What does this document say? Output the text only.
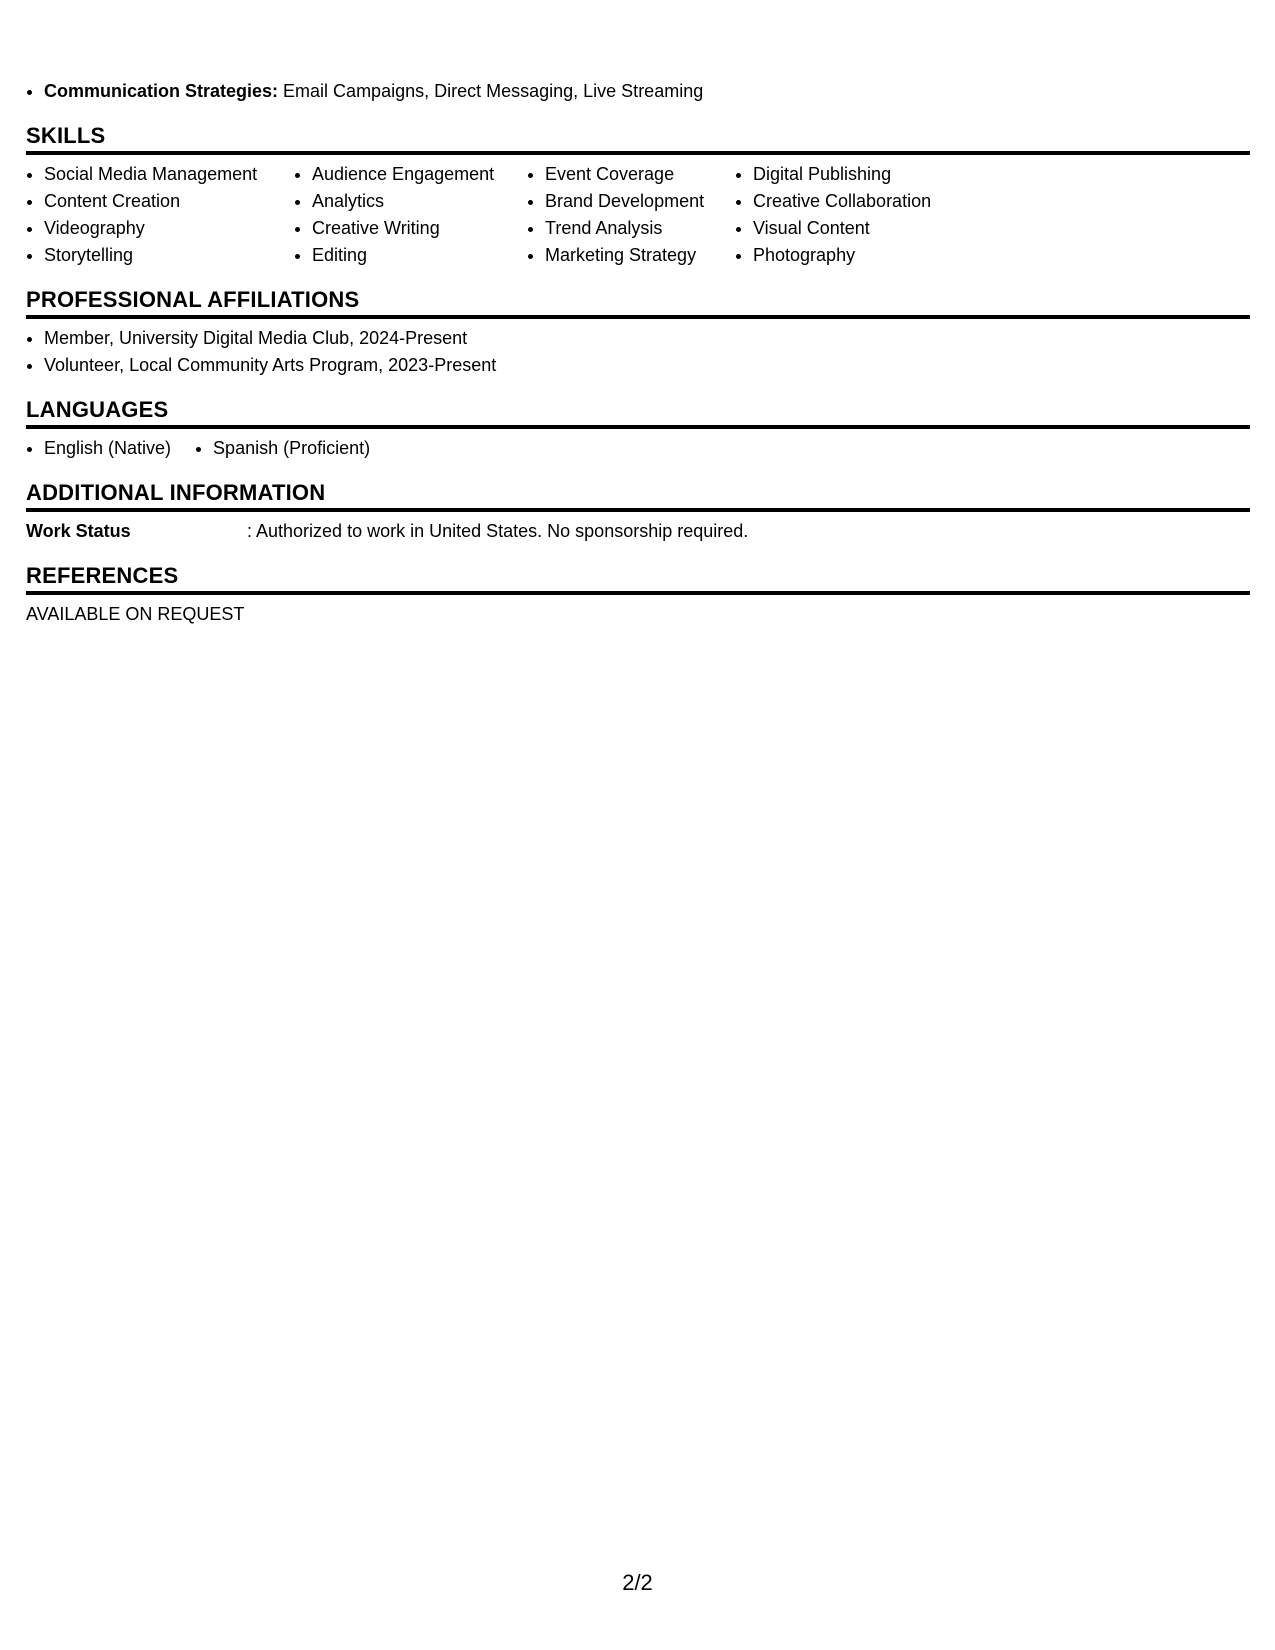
• Communication Strategies: Email Campaigns, Direct Messaging, Live Streaming
SKILLS
• Social Media Management
• Content Creation
• Videography
• Storytelling
• Audience Engagement
• Analytics
• Creative Writing
• Editing
• Event Coverage
• Brand Development
• Trend Analysis
• Marketing Strategy
• Digital Publishing
• Creative Collaboration
• Visual Content
• Photography
PROFESSIONAL AFFILIATIONS
• Member, University Digital Media Club, 2024-Present
• Volunteer, Local Community Arts Program, 2023-Present
LANGUAGES
• English (Native)
• Spanish (Proficient)
ADDITIONAL INFORMATION
Work Status	: Authorized to work in United States. No sponsorship required.
REFERENCES
AVAILABLE ON REQUEST
2/2
